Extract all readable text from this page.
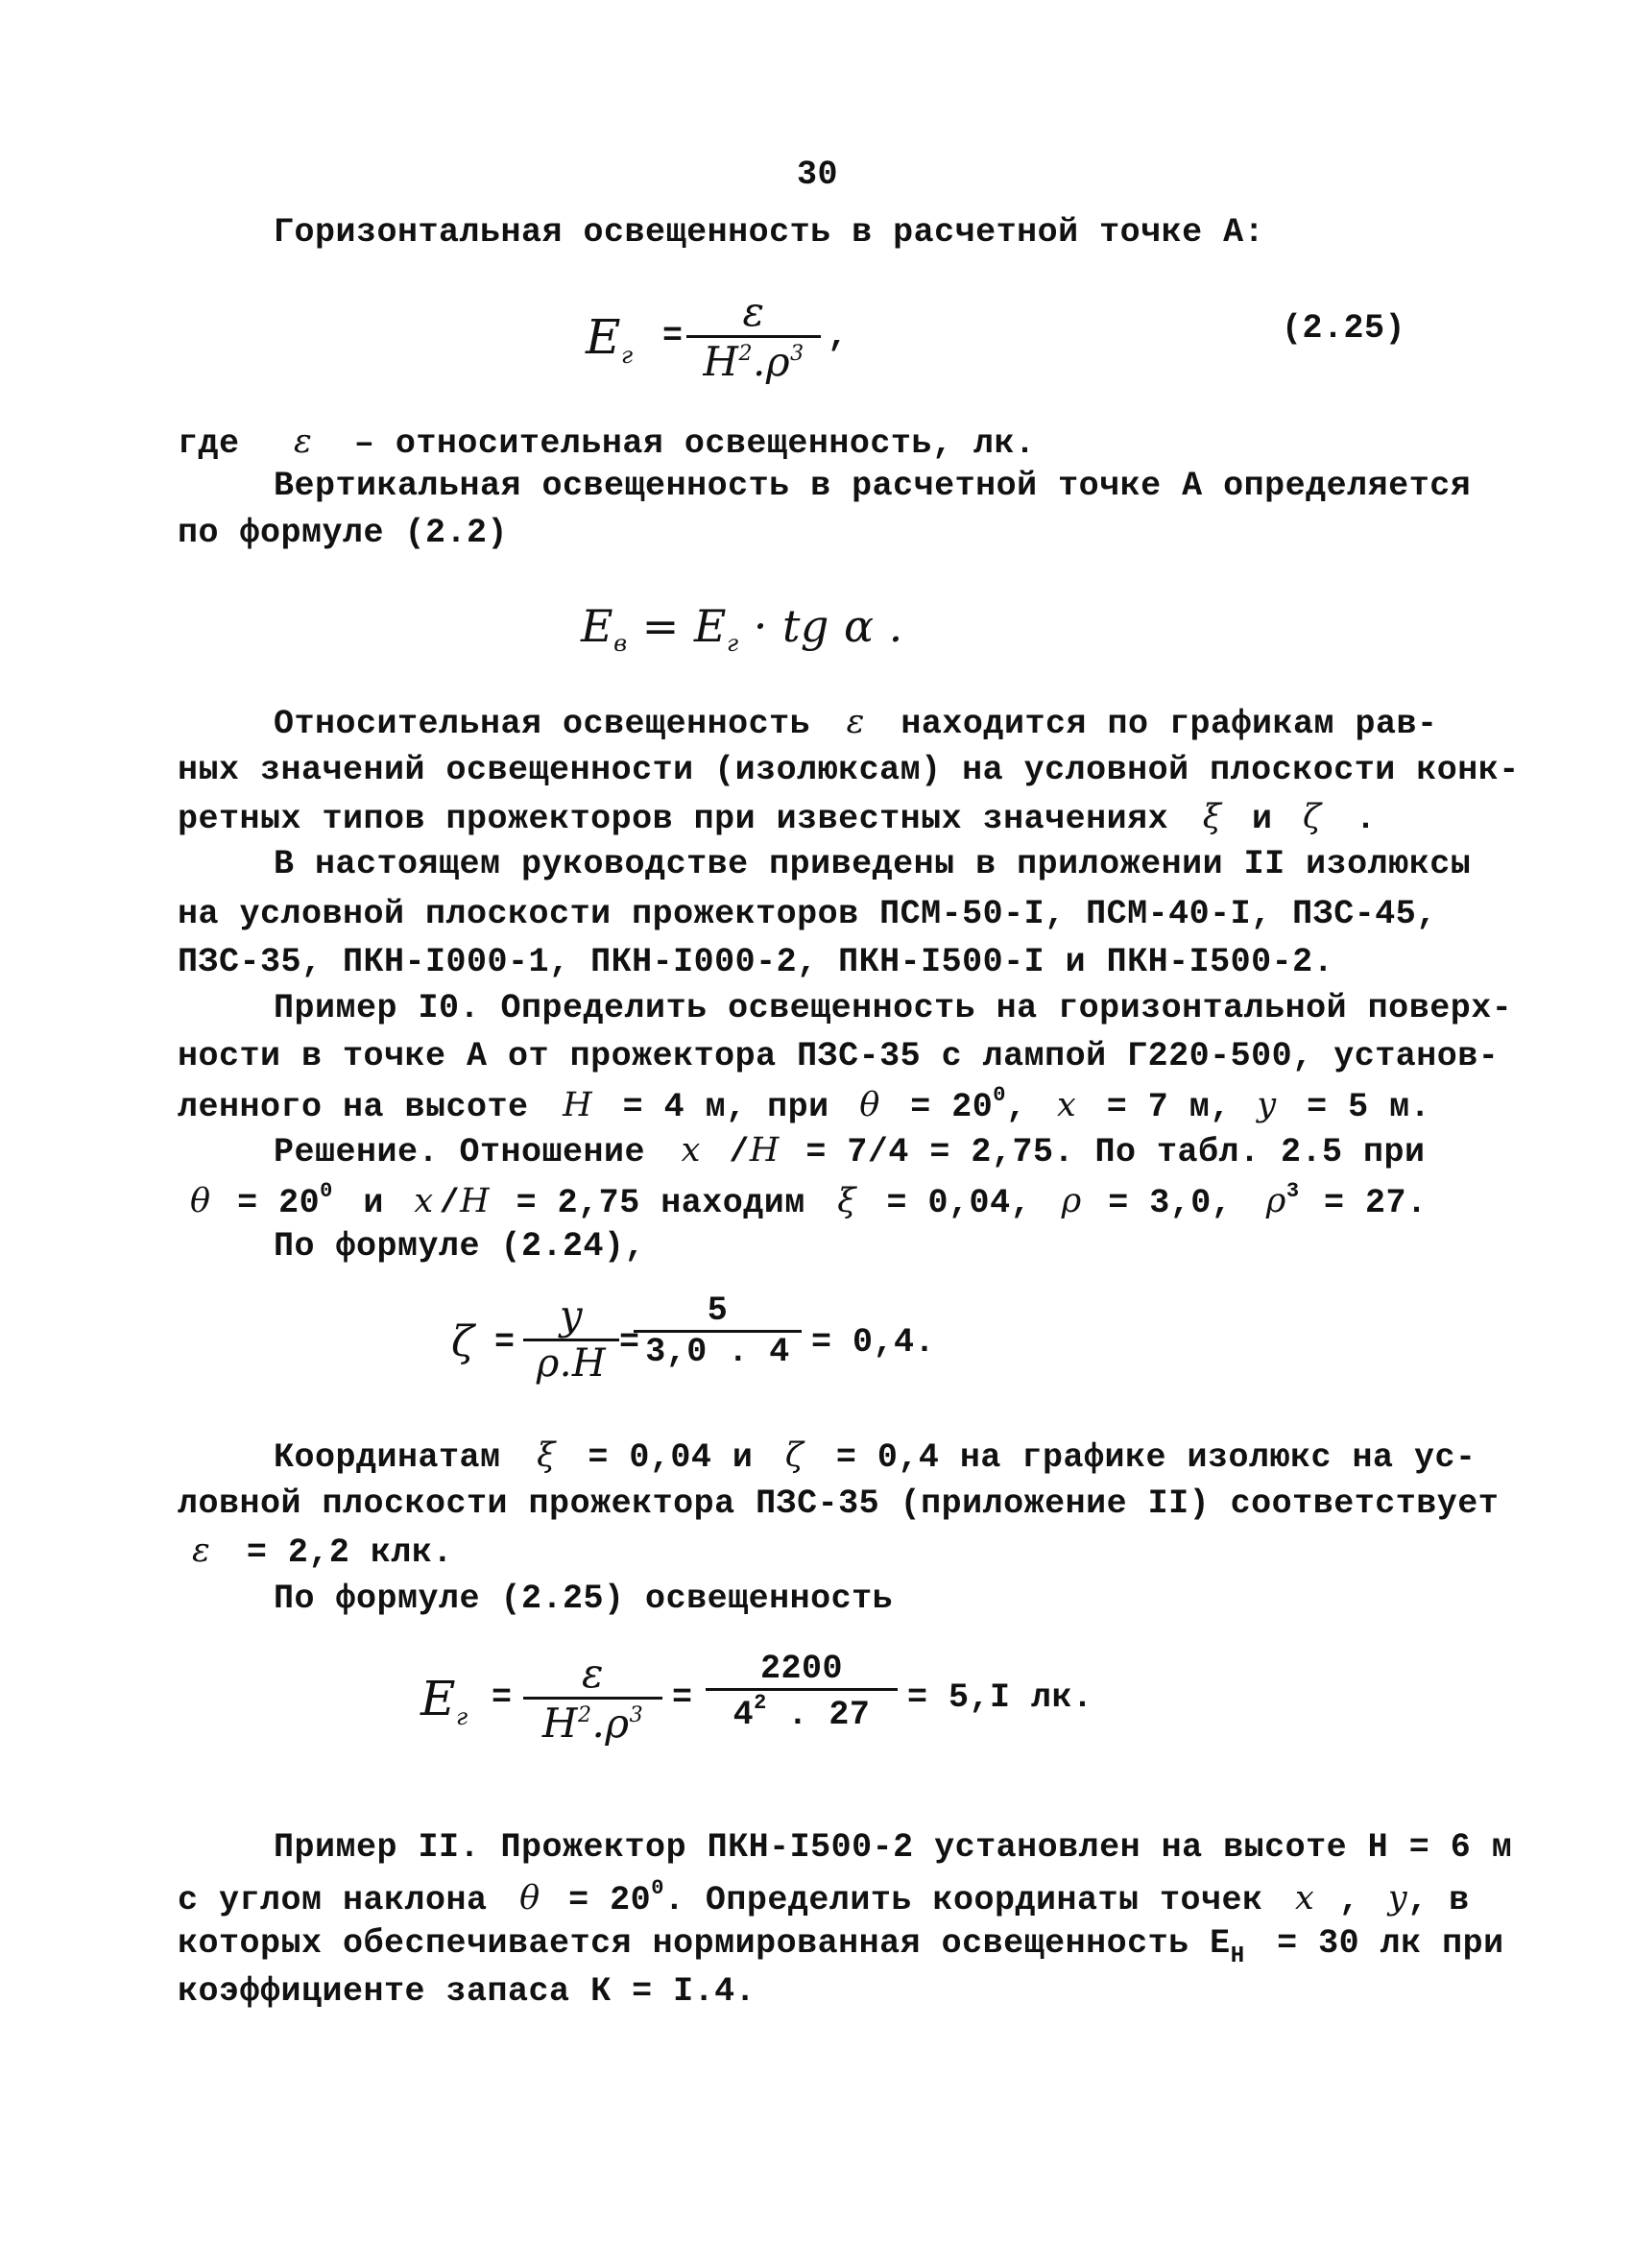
30
Горизонтальная освещенность в расчетной точке А:
$E_г$ =
ε
$H^2.\rho^3$ ,	(2.25)
где ε – относительная освещенность, лк.
Вертикальная освещенность в расчетной точке А определяется
по формуле (2.2)
$E_в = E_г$ · tg α .
Относительная освещенность ε находится по графикам рав-
ных значений освещенности (изолюксам) на условной плоскости конк-
ретных типов прожекторов при известных значениях ξ и ζ .
В настоящем руководстве приведены в приложении II изолюксы
на условной плоскости прожекторов ПСМ-50-I, ПСМ-40-I, ПЗС-45,
ПЗС-35, ПКН-I000-1, ПКН-I000-2, ПКН-I500-I и ПКН-I500-2.
Пример I0. Определить освещенность на горизонтальной поверх-
ности в точке А от прожектора ПЗС-35 с лампой Г220-500, установ-
ленного на высоте H = 4 м, при $\theta = 20^0$, x = 7 м, y = 5 м.
Решение. Отношение x /H = 7/4 = 2,75. По табл. 2.5 при
$\theta = 20^0$ и x /H = 2,75 находим ξ = 0,04, ρ = 3,0, $\rho^3 = 27$.
По формуле (2.24),
ζ =
y
ρ.H
5
3,0 . 4
=	= 0,4.
Координатам ξ = 0,04 и ζ = 0,4 на графике изолюкс на ус-
ловной плоскости прожектора ПЗС-35 (приложение II) соответствует
ε = 2,2 клк.
По формуле (2.25) освещенность
$E_г$ =
ε
$H^2.\rho^3$ =
2200
$4^2$ . 27	= 5,I лк.
Пример II. Прожектор ПКН-I500-2 установлен на высоте Н = 6 м
с углом наклона $\theta = 20^0$. Определить координаты точек x , y, в
которых обеспечивается нормированная освещенность $E_Н = 30$ лк при
коэффициенте запаса К = I.4.
